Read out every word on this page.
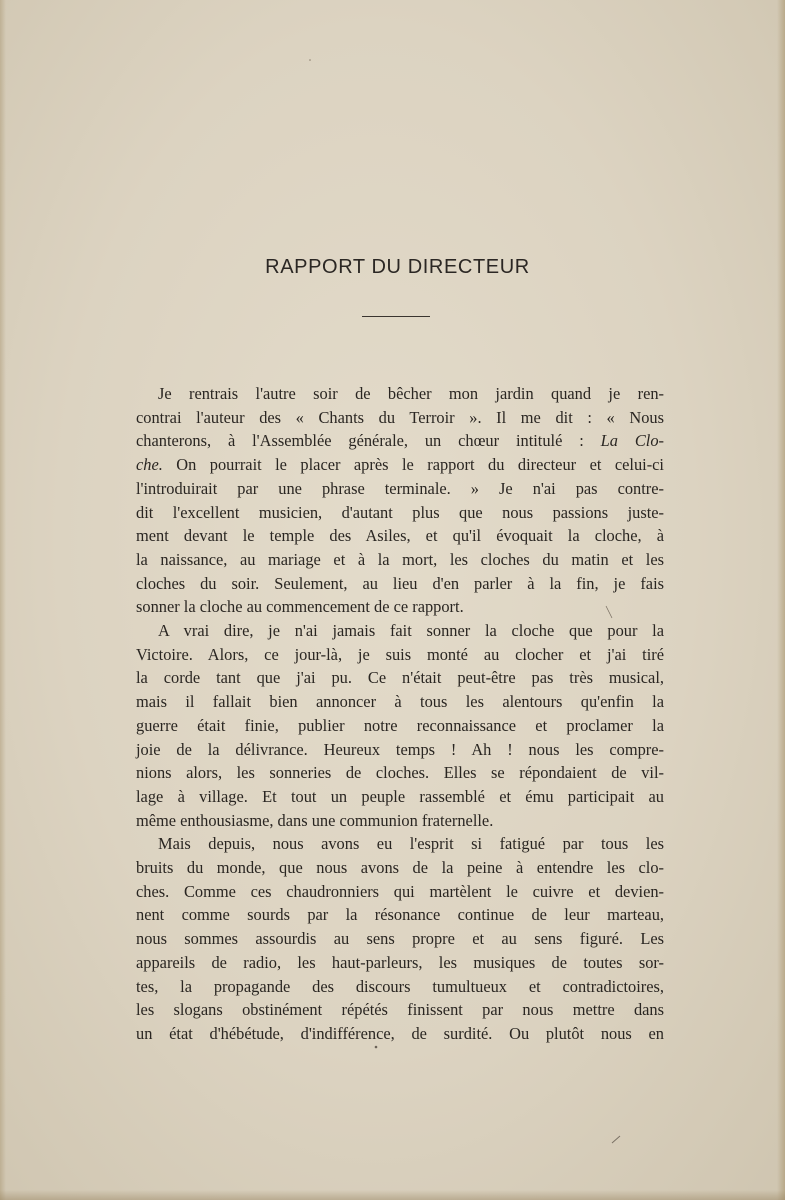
RAPPORT DU DIRECTEUR

Je rentrais l'autre soir de bêcher mon jardin quand je ren-
contrai l'auteur des « Chants du Terroir ». Il me dit : « Nous
chanterons, à l'Assemblée générale, un chœur intitulé : La Clo-
che. On pourrait le placer après le rapport du directeur et celui-ci
l'introduirait par une phrase terminale. » Je n'ai pas contre-
dit l'excellent musicien, d'autant plus que nous passions juste-
ment devant le temple des Asiles, et qu'il évoquait la cloche, à
la naissance, au mariage et à la mort, les cloches du matin et les
cloches du soir. Seulement, au lieu d'en parler à la fin, je fais
sonner la cloche au commencement de ce rapport.

A vrai dire, je n'ai jamais fait sonner la cloche que pour la
Victoire. Alors, ce jour-là, je suis monté au clocher et j'ai tiré
la corde tant que j'ai pu. Ce n'était peut-être pas très musical,
mais il fallait bien annoncer à tous les alentours qu'enfin la
guerre était finie, publier notre reconnaissance et proclamer la
joie de la délivrance. Heureux temps ! Ah ! nous les compre-
nions alors, les sonneries de cloches. Elles se répondaient de vil-
lage à village. Et tout un peuple rassemblé et ému participait au
même enthousiasme, dans une communion fraternelle.

Mais depuis, nous avons eu l'esprit si fatigué par tous les
bruits du monde, que nous avons de la peine à entendre les clo-
ches. Comme ces chaudronniers qui martèlent le cuivre et devien-
nent comme sourds par la résonance continue de leur marteau,
nous sommes assourdis au sens propre et au sens figuré. Les
appareils de radio, les haut-parleurs, les musiques de toutes sor-
tes, la propagande des discours tumultueux et contradictoires,
les slogans obstinément répétés finissent par nous mettre dans
un état d'hébétude, d'indifférence, de surdité. Ou plutôt nous en
